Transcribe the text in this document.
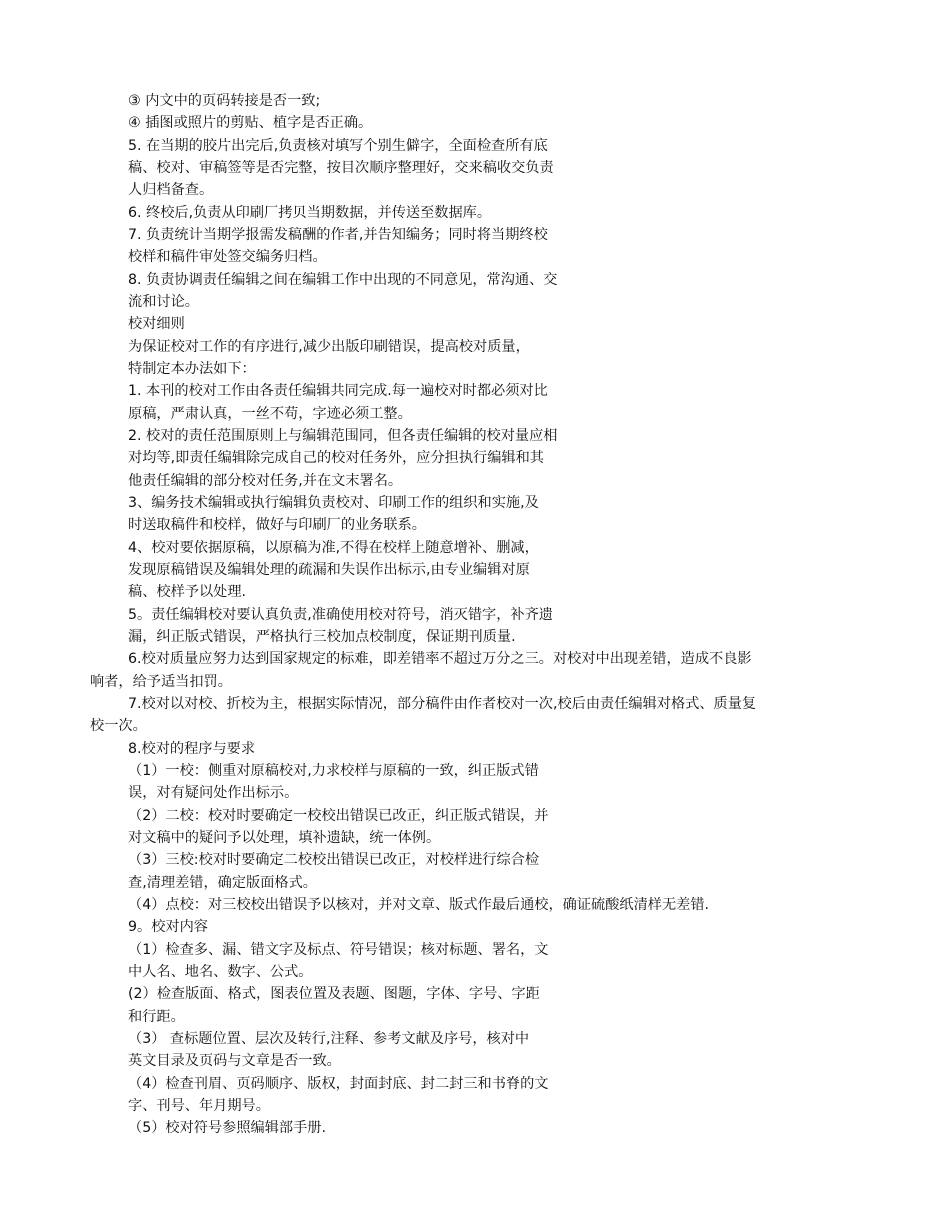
③ 内文中的页码转接是否一致;

④ 插图或照片的剪贴、植字是否正确。

5. 在当期的胶片出完后,负责核对填写个别生僻字，全面检查所有底

稿、校对、审稿签等是否完整，按目次顺序整理好，交来稿收交负责

人归档备查。

6. 终校后,负责从印刷厂拷贝当期数据，并传送至数据库。

7. 负责统计当期学报需发稿酬的作者,并告知编务；同时将当期终校

校样和稿件审处签交编务归档。

8. 负责协调责任编辑之间在编辑工作中出现的不同意见，常沟通、交

流和讨论。

校对细则

为保证校对工作的有序进行,减少出版印刷错误，提高校对质量，

特制定本办法如下：

1. 本刊的校对工作由各责任编辑共同完成.每一遍校对时都必须对比

原稿，严肃认真，一丝不苟，字迹必须工整。

2. 校对的责任范围原则上与编辑范围同，但各责任编辑的校对量应相

对均等,即责任编辑除完成自己的校对任务外，应分担执行编辑和其

他责任编辑的部分校对任务,并在文末署名。

3、编务技术编辑或执行编辑负责校对、印刷工作的组织和实施,及

时送取稿件和校样，做好与印刷厂的业务联系。

4、校对要依据原稿，以原稿为准,不得在校样上随意增补、删减，

发现原稿错误及编辑处理的疏漏和失误作出标示,由专业编辑对原

稿、校样予以处理.

5。责任编辑校对要认真负责,准确使用校对符号，消灭错字，补齐遗

漏，纠正版式错误，严格执行三校加点校制度，保证期刊质量.

6.校对质量应努力达到国家规定的标难，即差错率不超过万分之三。对校对中出现差错，造成不良影

响者，给予适当扣罚。

7.校对以对校、折校为主，根据实际情况，部分稿件由作者校对一次,校后由责任编辑对格式、质量复

校一次。

8.校对的程序与要求

（1）一校：侧重对原稿校对,力求校样与原稿的一致，纠正版式错

误，对有疑问处作出标示。

（2）二校：校对时要确定一校校出错误已改正，纠正版式错误，并

对文稿中的疑问予以处理，填补遗缺，统一体例。

（3）三校:校对时要确定二校校出错误已改正，对校样进行综合检

查,清理差错，确定版面格式。

（4）点校：对三校校出错误予以核对，并对文章、版式作最后通校，确证硫酸纸清样无差错.

9。校对内容

（1）检查多、漏、错文字及标点、符号错误；核对标题、署名，文

中人名、地名、数字、公式。

(2）检查版面、格式，图表位置及表题、图题，字体、字号、字距

和行距。

（3） 查标题位置、层次及转行,注释、参考文献及序号，核对中

英文目录及页码与文章是否一致。

（4）检查刊眉、页码顺序、版权，封面封底、封二封三和书脊的文

字、刊号、年月期号。

（5）校对符号参照编辑部手册.
